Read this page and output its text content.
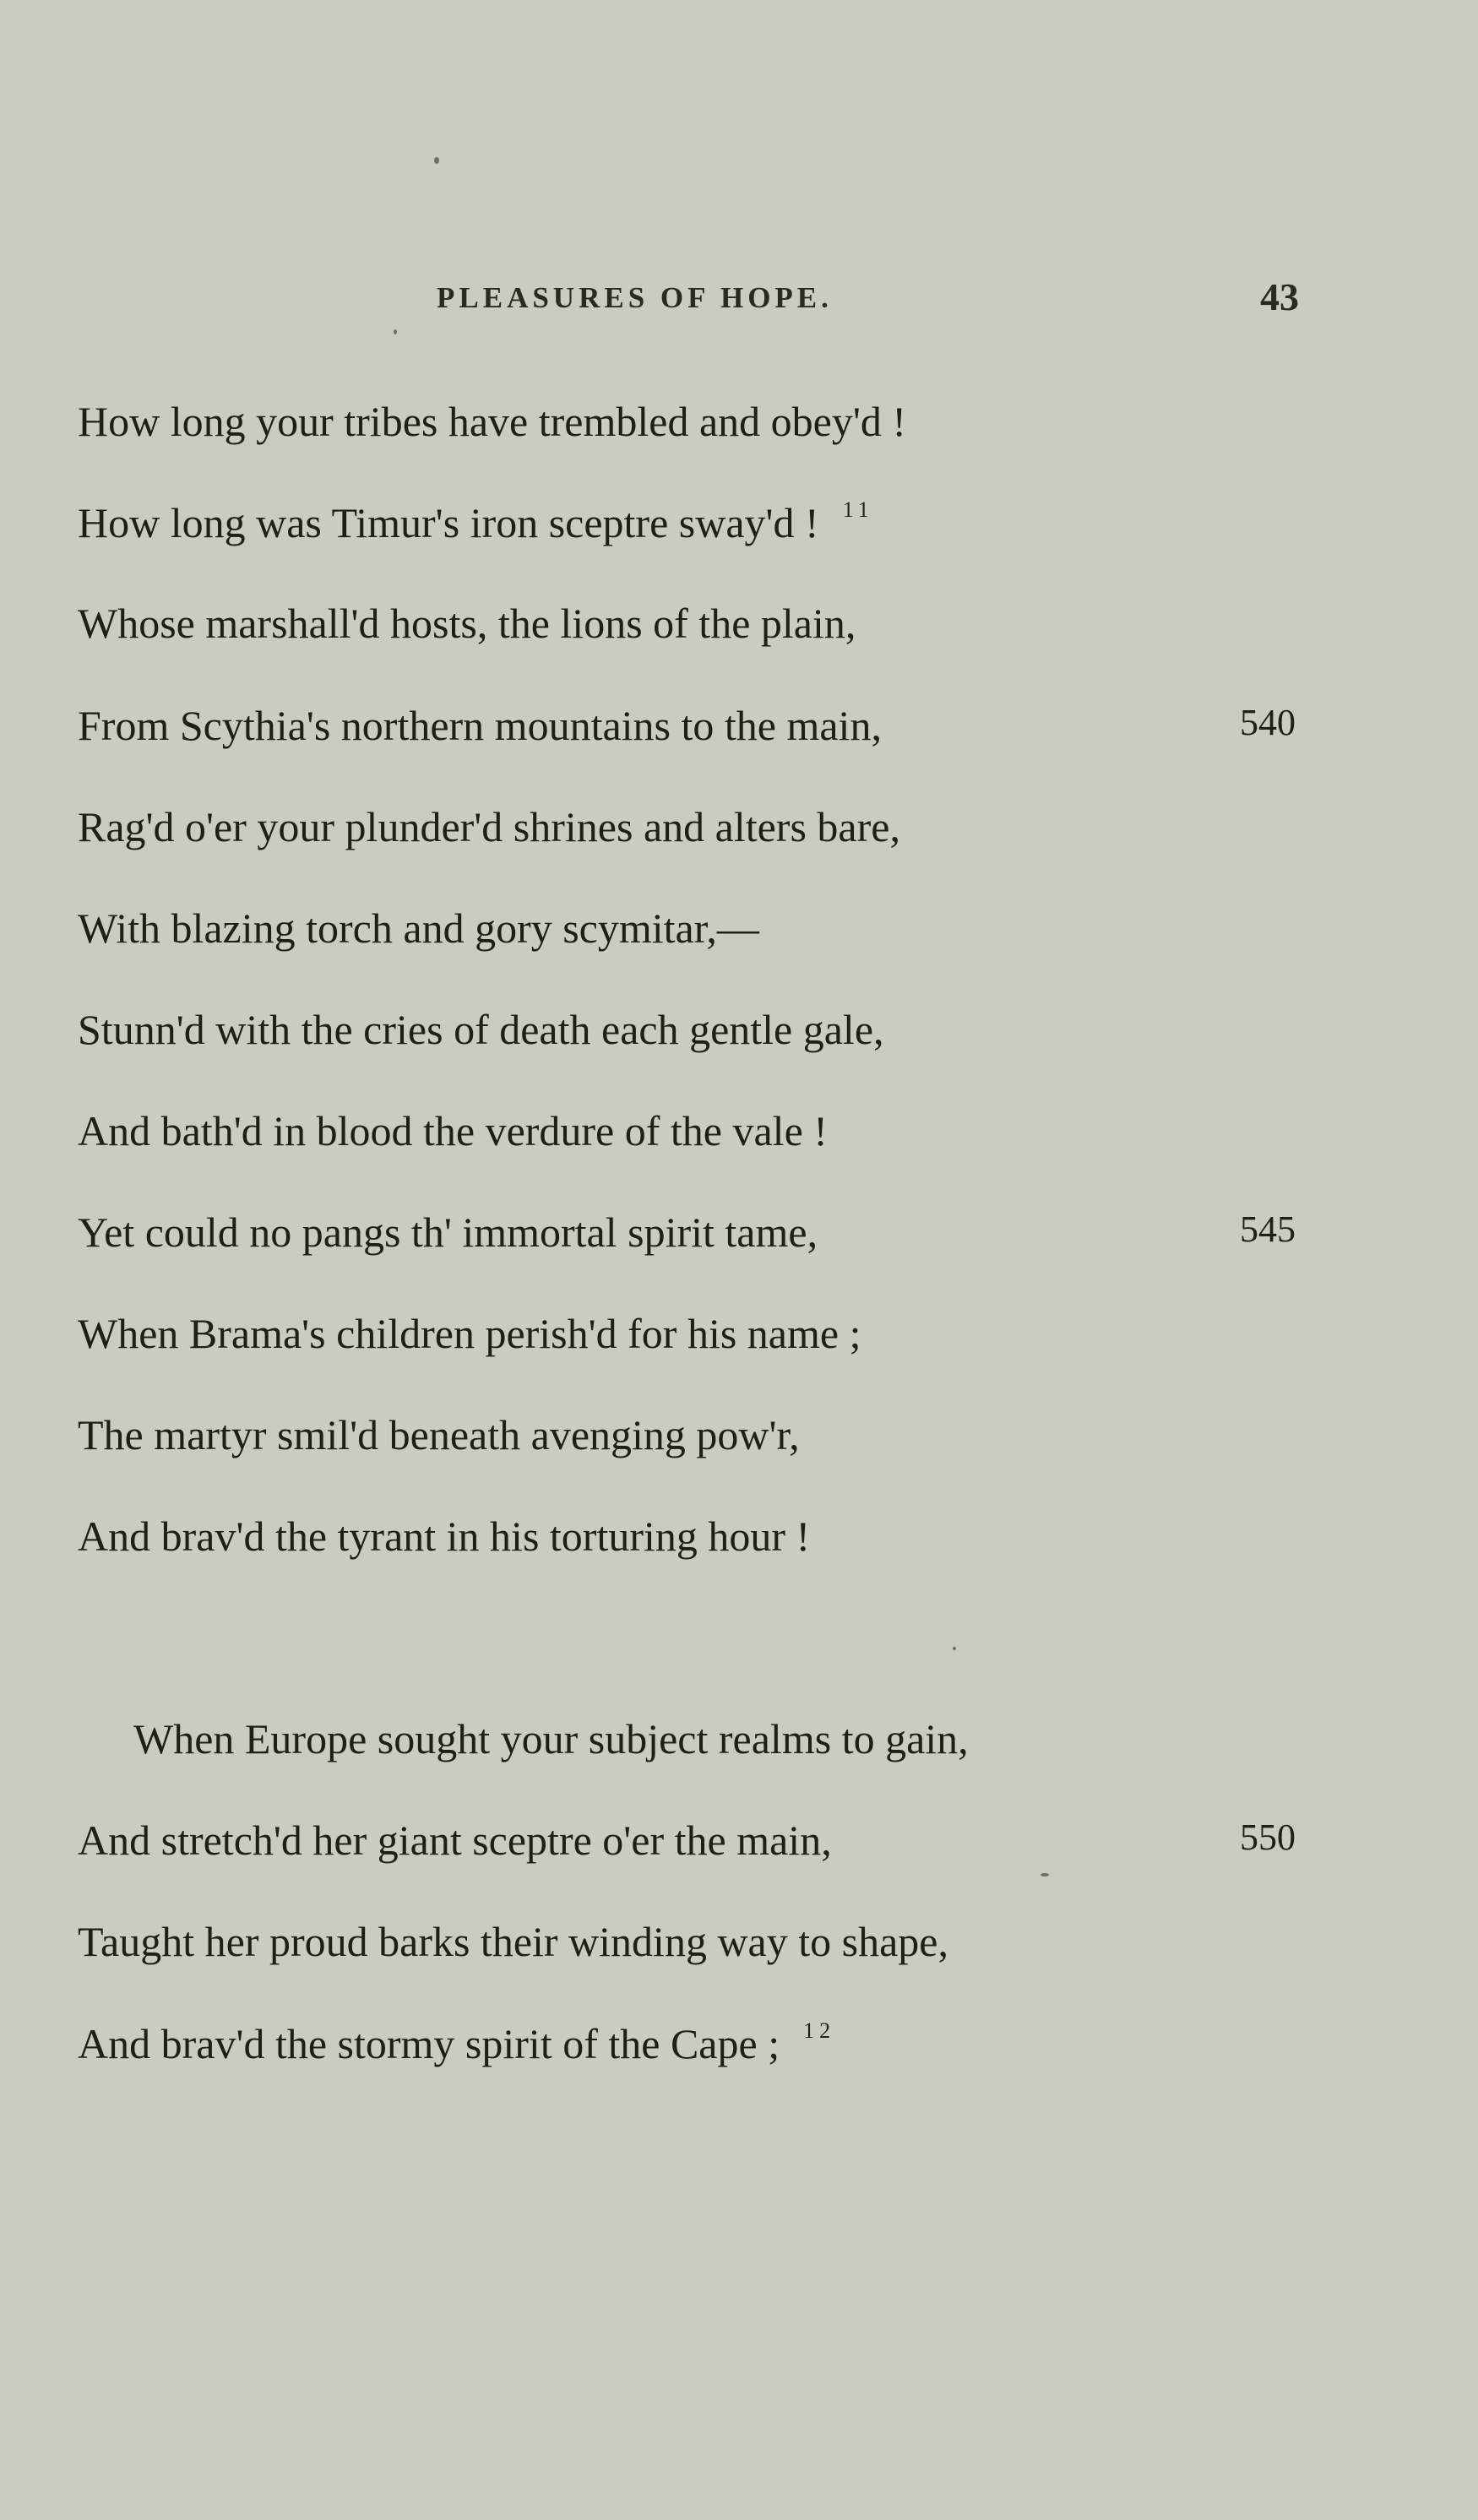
PLEASURES OF HOPE.	43
How long your tribes have trembled and obey'd !
How long was Timur's iron sceptre sway'd ! $^{11}$
Whose marshall'd hosts, the lions of the plain,
From Scythia's northern mountains to the main,	540
Rag'd o'er your plunder'd shrines and alters bare,
With blazing torch and gory scymitar,—
Stunn'd with the cries of death each gentle gale,
And bath'd in blood the verdure of the vale !
Yet could no pangs th' immortal spirit tame,	545
When Brama's children perish'd for his name ;
The martyr smil'd beneath avenging pow'r,
And brav'd the tyrant in his torturing hour !
When Europe sought your subject realms to gain,
And stretch'd her giant sceptre o'er the main,	550
Taught her proud barks their winding way to shape,
And brav'd the stormy spirit of the Cape ; $^{12}$
